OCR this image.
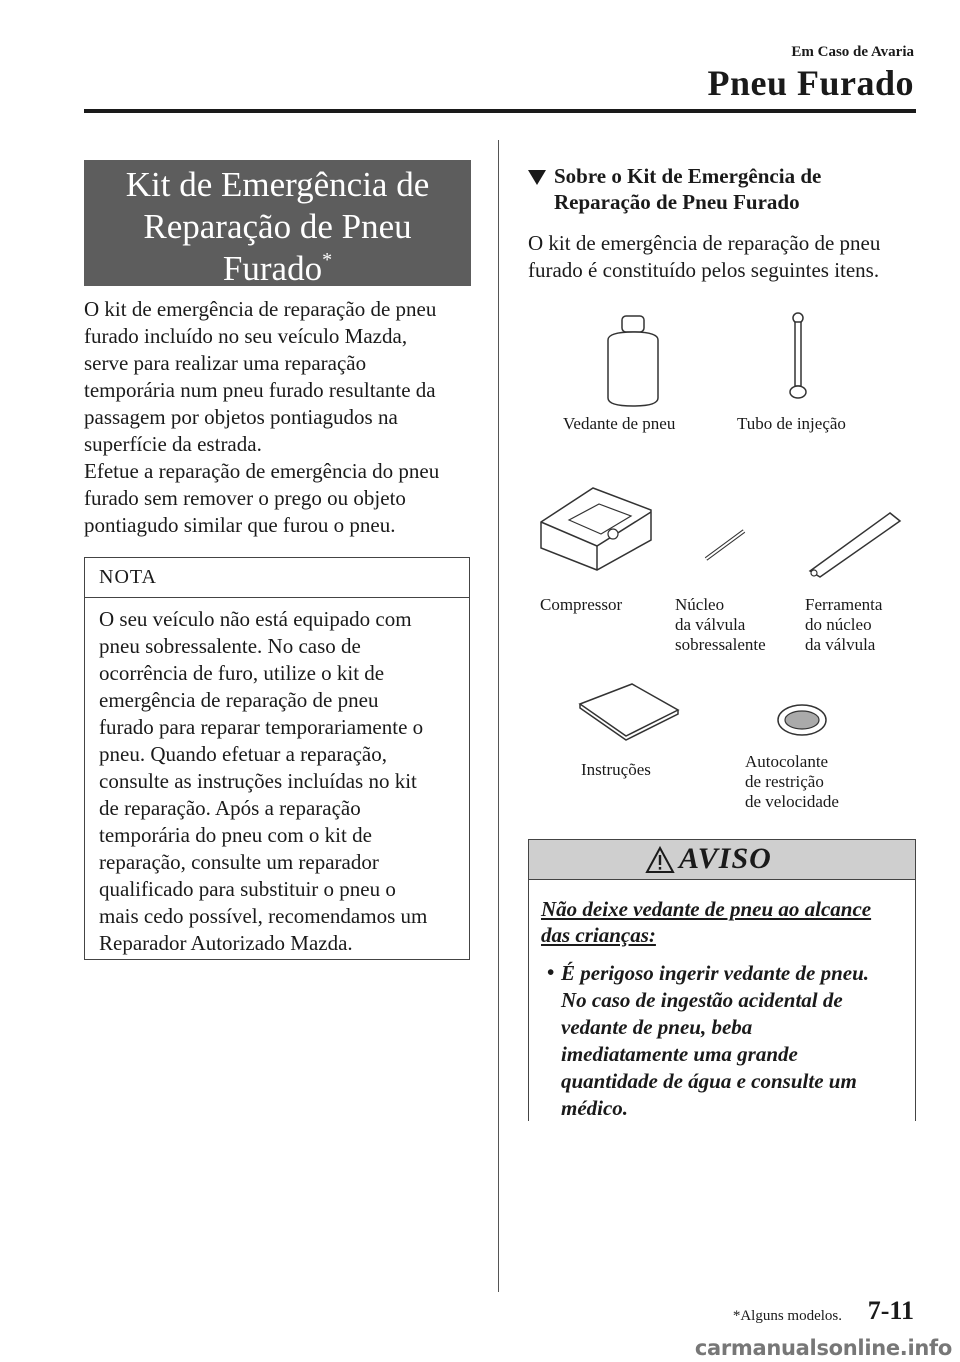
Em Caso de Avaria
Pneu Furado
Kit de Emergência de
Reparação de Pneu
Furado*
O kit de emergência de reparação de pneu
furado incluído no seu veículo Mazda,
serve para realizar uma reparação
temporária num pneu furado resultante da
passagem por objetos pontiagudos na
superfície da estrada.
Efetue a reparação de emergência do pneu
furado sem remover o prego ou objeto
pontiagudo similar que furou o pneu.
NOTA
O seu veículo não está equipado com
pneu sobressalente. No caso de
ocorrência de furo, utilize o kit de
emergência de reparação de pneu
furado para reparar temporariamente o
pneu. Quando efetuar a reparação,
consulte as instruções incluídas no kit
de reparação. Após a reparação
temporária do pneu com o kit de
reparação, consulte um reparador
qualificado para substituir o pneu o
mais cedo possível, recomendamos um
Reparador Autorizado Mazda.
Sobre o Kit de Emergência de
Reparação de Pneu Furado
O kit de emergência de reparação de pneu
furado é constituído pelos seguintes itens.
Vedante de pneu	Tubo de injeção
Compressor	Núcleo
da válvula
sobressalente
Ferramenta
do núcleo
da válvula
Instruções	Autocolante
de restrição
de velocidade
AVISO
Não deixe vedante de pneu ao alcance
das crianças:
• É perigoso ingerir vedante de pneu.
No caso de ingestão acidental de
vedante de pneu, beba
imediatamente uma grande
quantidade de água e consulte um
médico.
*Alguns modelos. 7-11
carmanualsonline.info
